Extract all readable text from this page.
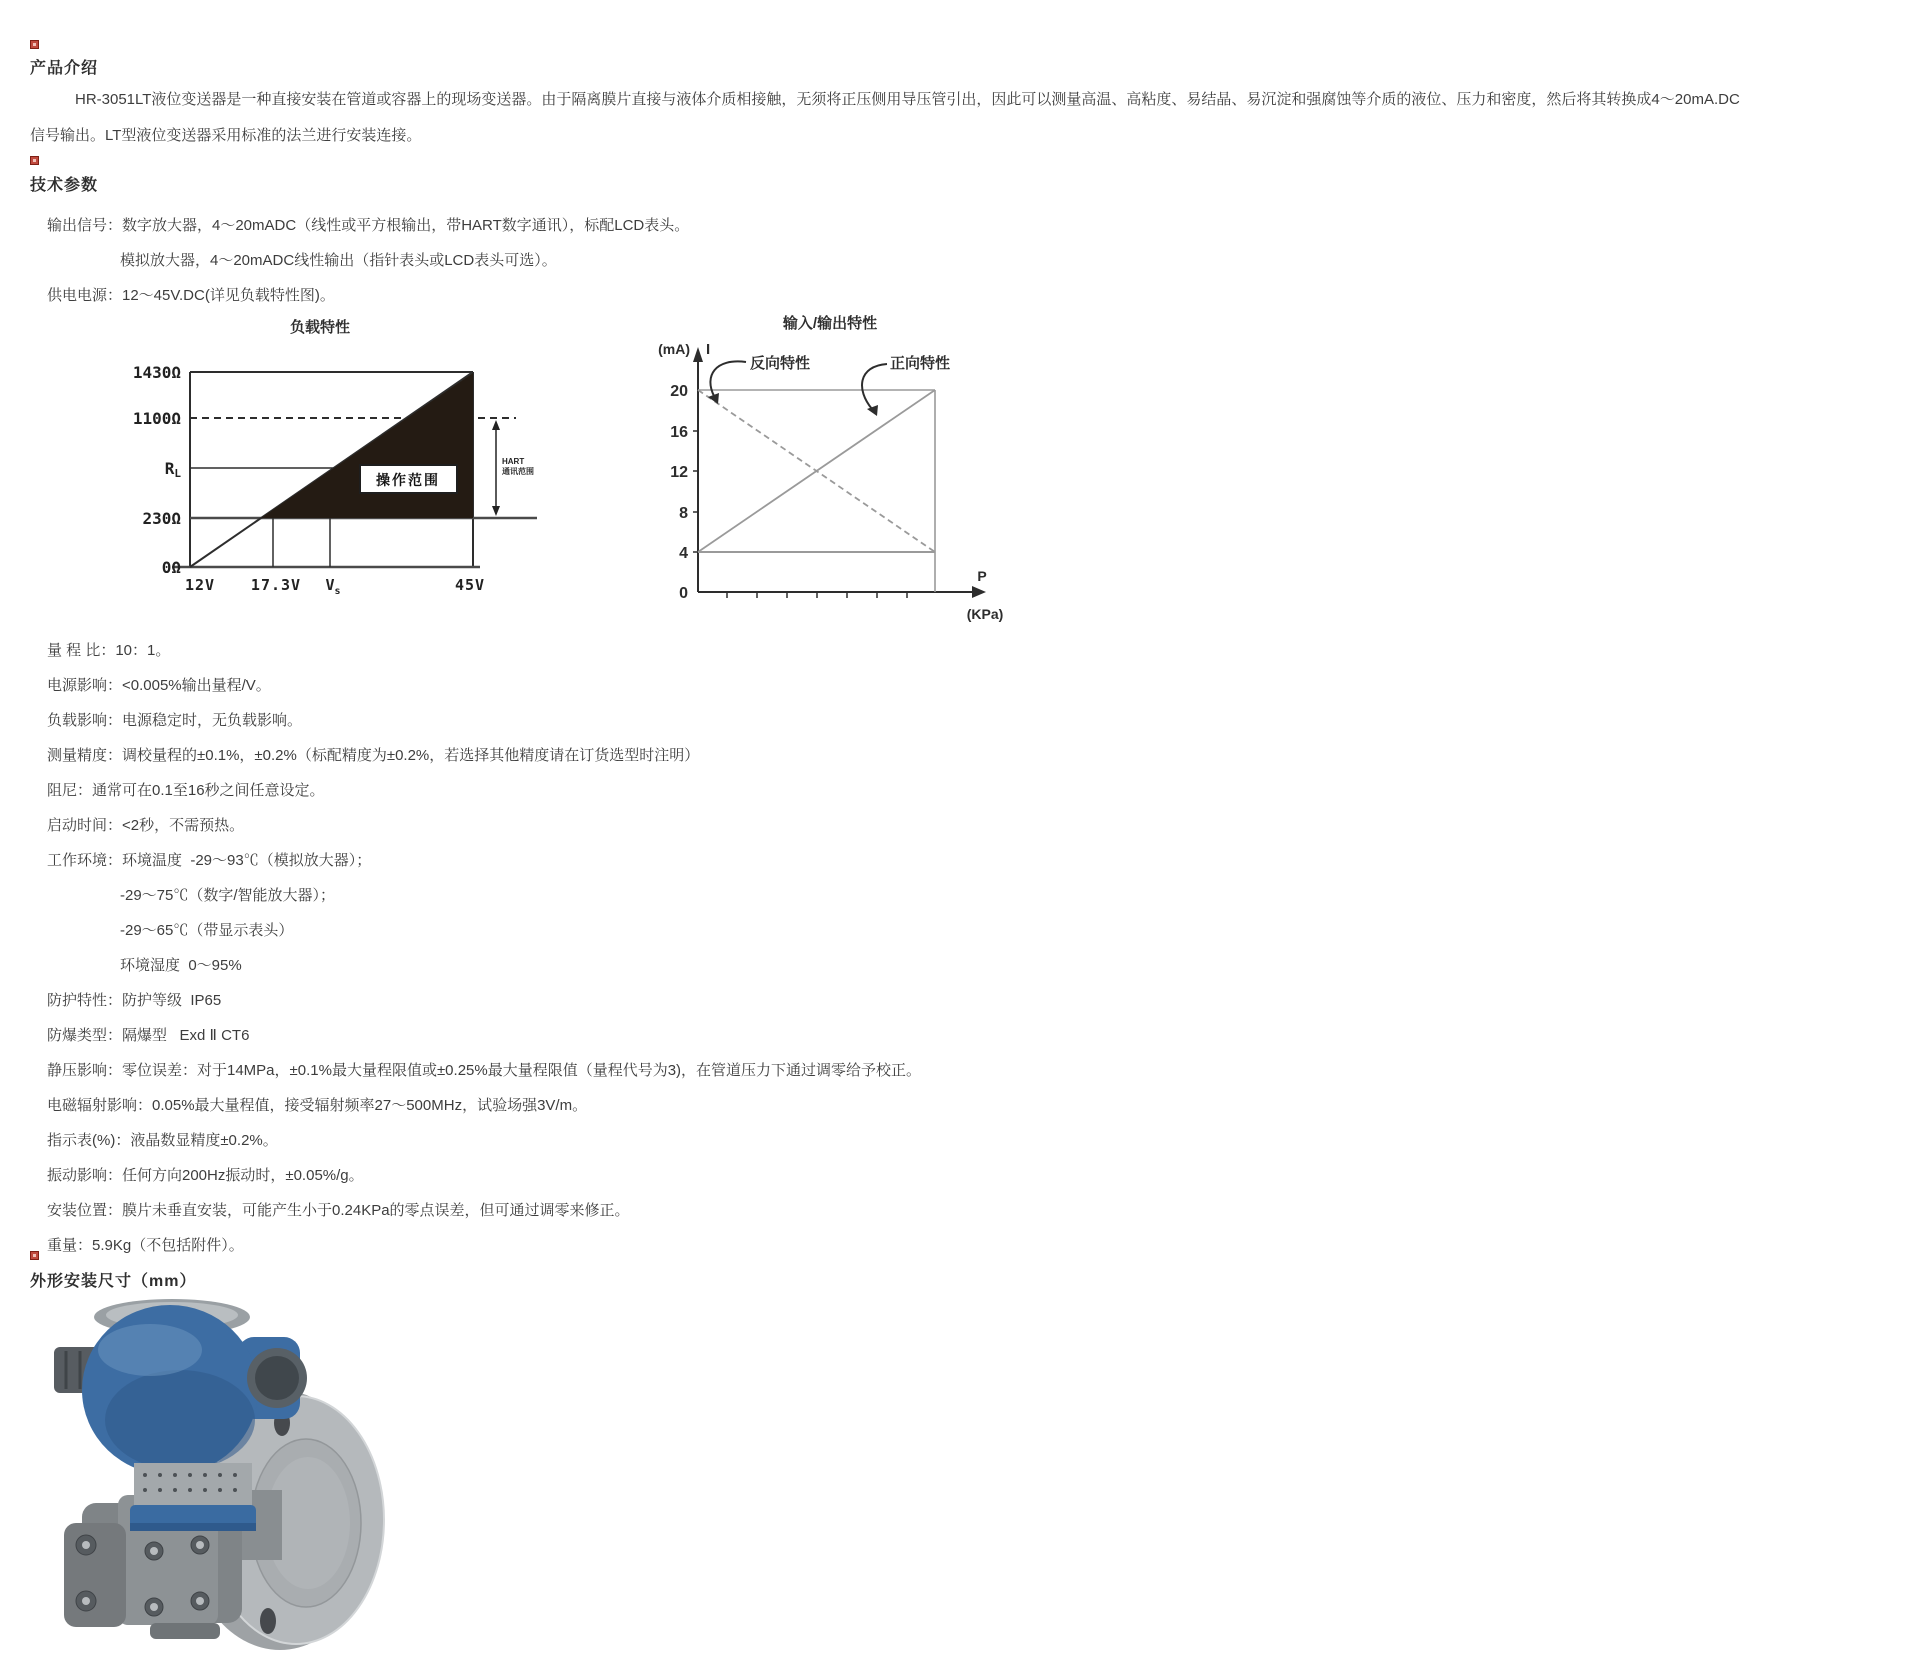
产品介绍
HR-3051LT液位变送器是一种直接安装在管道或容器上的现场变送器。由于隔离膜片直接与液体介质相接触，无须将正压侧用导压管引出，因此可以测量高温、高粘度、易结晶、易沉淀和强腐蚀等介质的液位、压力和密度，然后将其转换成4～20mA.DC
信号输出。LT型液位变送器采用标准的法兰进行安装连接。
技术参数
输出信号：数字放大器，4～20mADC（线性或平方根输出，带HART数字通讯），标配LCD表头。
模拟放大器，4～20mADC线性输出（指针表头或LCD表头可选）。
供电电源：12～45V.DC(详见负载特性图)。
负载特性
操作范围
HART
通讯范围
1430Ω
1100Ω
RL
230Ω
0Ω
12V 17.3V $V_s$	45V
输入/输出特性
(mA) I
反向特性	正向特性
20
16
12
8
4
0
P
(KPa)
量 程 比：10：1。
电源影响：<0.005%输出量程/V。
负载影响：电源稳定时，无负载影响。
测量精度：调校量程的±0.1%，±0.2%（标配精度为±0.2%，若选择其他精度请在订货选型时注明）
阻尼：通常可在0.1至16秒之间任意设定。
启动时间：<2秒，不需预热。
工作环境：环境温度  -29～93℃（模拟放大器）；
-29～75℃（数字/智能放大器）；
-29～65℃（带显示表头）
环境湿度  0～95%
防护特性：防护等级  IP65
防爆类型：隔爆型   Exd Ⅱ CT6
静压影响：零位误差：对于14MPa，±0.1%最大量程限值或±0.25%最大量程限值（量程代号为3)，在管道压力下通过调零给予校正。
电磁辐射影响：0.05%最大量程值，接受辐射频率27～500MHz，试验场强3V/m。
指示表(%)：液晶数显精度±0.2%。
振动影响：任何方向200Hz振动时，±0.05%/g。
安装位置：膜片未垂直安装，可能产生小于0.24KPa的零点误差，但可通过调零来修正。
重量：5.9Kg（不包括附件）。
外形安装尺寸（mm）
